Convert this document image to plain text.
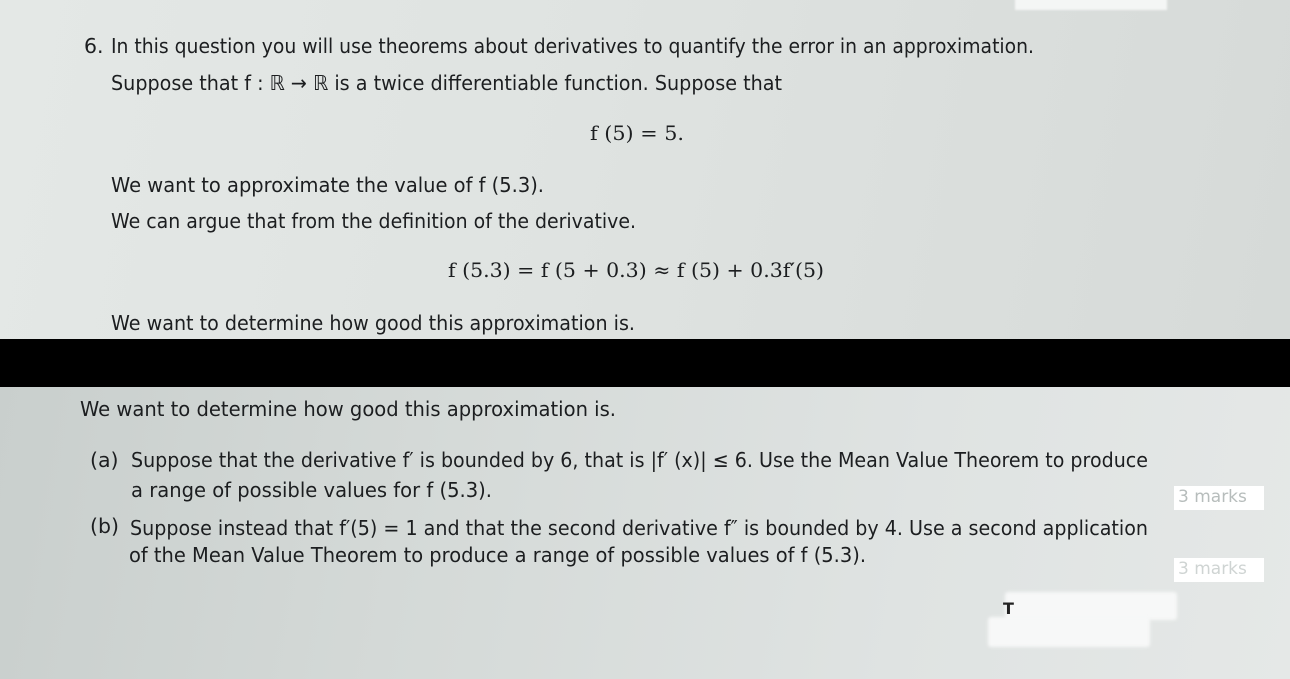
6. In this question you will use theorems about derivatives to quantify the error in an approximation.
Suppose that f : ℝ → ℝ is a twice differentiable function. Suppose that
f (5) = 5.
We want to approximate the value of f (5.3).
We can argue that from the definition of the derivative.
f (5.3) = f (5 + 0.3) ≈ f (5) + 0.3f′(5)
We want to determine how good this approximation is.
We want to determine how good this approximation is.
(a) Suppose that the derivative f′ is bounded by 6, that is |f′ (x)| ≤ 6. Use the Mean Value Theorem to produce
a range of possible values for f (5.3).	3 marks
(b) Suppose instead that f′(5) = 1 and that the second derivative f″ is bounded by 4. Use a second application
of the Mean Value Theorem to produce a range of possible values of f (5.3).
3 marks
T
